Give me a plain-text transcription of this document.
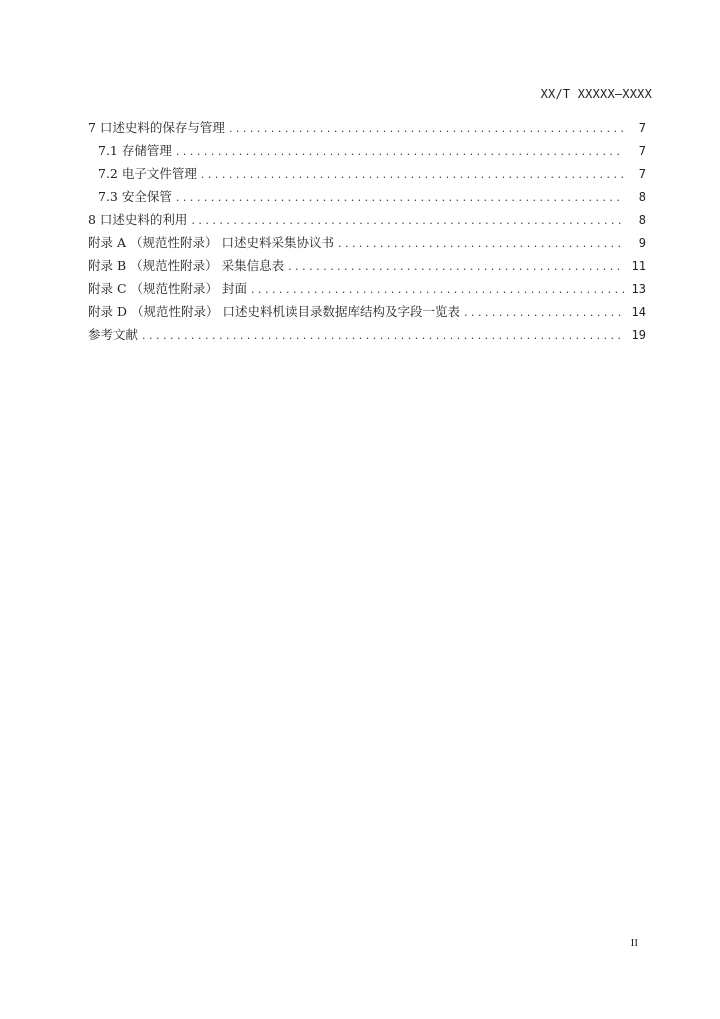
XX/T XXXXX—XXXX
7 口述史料的保存与管理 . . .	7
7.1 存储管理 . . .	7
7.2 电子文件管理 . . .	7
7.3 安全保管 . . .	8
8 口述史料的利用 . . .	8
附录 A （规范性附录） 口述史料采集协议书 . . .	9
附录 B （规范性附录） 采集信息表 . . .	11
附录 C （规范性附录） 封面 . . .	13
附录 D （规范性附录） 口述史料机读目录数据库结构及字段一览表 . . .	14
参考文献 . . .	19
II
